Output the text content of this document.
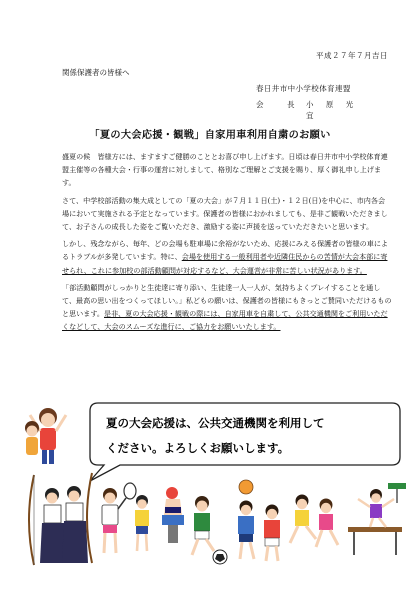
平成２７年７月吉日
関係保護者の皆様へ
春日井市中小学校体育連盟
会　長 小 原 光 宜
「夏の大会応援・観戦」自家用車利用自粛のお願い

盛夏の候　皆様方には、ますますご健勝のこととお喜び申し上げます。日頃は春日井市中小学校体育連盟主催等の各種大会・行事の運営に対しまして、格別なご理解とご支援を賜り、厚く御礼申し上げます。

さて、中学校部活動の集大成としての「夏の大会」が７月１１日(土)・１２日(日)を中心に、市内各会場において実施される予定となっています。保護者の皆様におかれましても、是非ご観戦いただきまして、お子さんの成長した姿をご覧いただき、激励する姿に声援を送っていただきたいと思います。

しかし、残念ながら、毎年、どの会場も駐車場に余裕がないため、応援にみえる保護者の皆様の車によるトラブルが多発しています。特に、会場を使用する一般利用者や近隣住民からの苦情が大会本部に寄せられ、これに参加校の部活動顧問が対応するなど、大会運営が非常に苦しい状況があります。

「部活動顧問がしっかりと生徒達に寄り添い、生徒達一人一人が、気持ちよくプレイすることを通して、最高の思い出をつくってほしい。」私どもの願いは、保護者の皆様にもきっとご賛同いただけるものと思います。是非、夏の大会応援・観戦の際には、自家用車を自粛して、公共交通機関をご利用いただくなどして、大会のスムーズな進行に、ご協力をお願いいたします。

夏の大会応援は、公共交通機関を利用して
ください。よろしくお願いします。
